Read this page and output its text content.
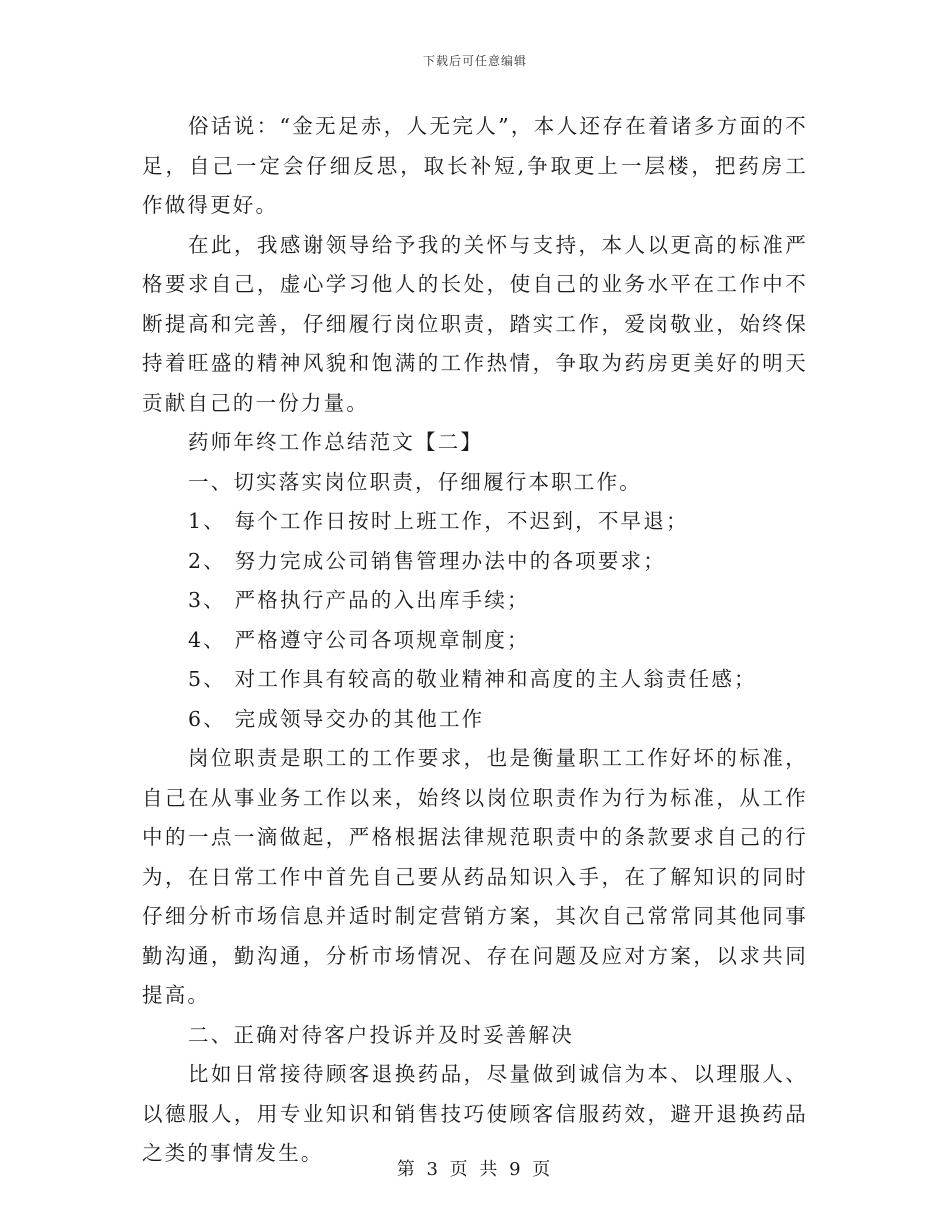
下载后可任意编辑

俗话说：“金无足赤，人无完人”，本人还存在着诸多方面的不足，自己一定会仔细反思，取长补短,争取更上一层楼，把药房工作做得更好。

在此，我感谢领导给予我的关怀与支持，本人以更高的标准严格要求自己，虚心学习他人的长处，使自己的业务水平在工作中不断提高和完善，仔细履行岗位职责，踏实工作，爱岗敬业，始终保持着旺盛的精神风貌和饱满的工作热情，争取为药房更美好的明天贡献自己的一份力量。

药师年终工作总结范文【二】

一、切实落实岗位职责，仔细履行本职工作。

1、 每个工作日按时上班工作，不迟到，不早退；

2、 努力完成公司销售管理办法中的各项要求；

3、 严格执行产品的入出库手续；

4、 严格遵守公司各项规章制度；

5、 对工作具有较高的敬业精神和高度的主人翁责任感；

6、 完成领导交办的其他工作

岗位职责是职工的工作要求，也是衡量职工工作好坏的标准，自己在从事业务工作以来，始终以岗位职责作为行为标准，从工作中的一点一滴做起，严格根据法律规范职责中的条款要求自己的行为，在日常工作中首先自己要从药品知识入手，在了解知识的同时仔细分析市场信息并适时制定营销方案，其次自己常常同其他同事勤沟通，勤沟通，分析市场情况、存在问题及应对方案，以求共同提高。

二、正确对待客户投诉并及时妥善解决

比如日常接待顾客退换药品，尽量做到诚信为本、以理服人、以德服人，用专业知识和销售技巧使顾客信服药效，避开退换药品之类的事情发生。

第 3 页 共 9 页
